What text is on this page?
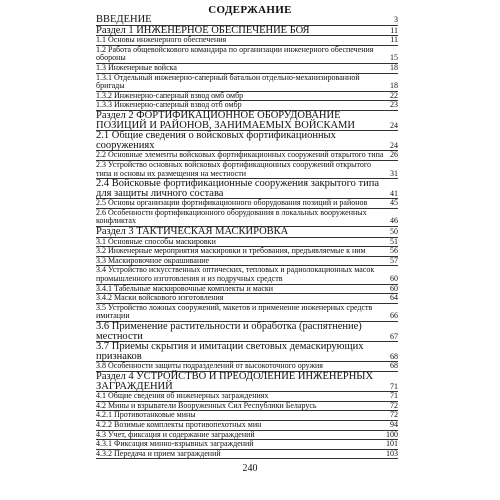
СОДЕРЖАНИЕ
ВВЕДЕНИЕ	3
Раздел 1 ИНЖЕНЕРНОЕ ОБЕСПЕЧЕНИЕ БОЯ	11
1.1 Основы инженерного обеспечения	11
1.2 Работа общевойскового командира по организации инженерного обеспечения обороны	15
1.3 Инженерные войска	18
1.3.1 Отдельный инженерно-саперный батальон отдельно-механизированной бригады	18
1.3.2 Инженерно-саперный взвод омб омбр	22
1.3.3 Инженерно-саперный взвод отб омбр	23
Раздел 2 ФОРТИФИКАЦИОННОЕ ОБОРУДОВАНИЕ ПОЗИЦИЙ И РАЙОНОВ, ЗАНИМАЕМЫХ ВОЙСКАМИ	24
2.1 Общие сведения о войсковых фортификационных сооружениях	24
2.2 Основные элементы войсковых фортификационных сооружений открытого типа 26
2.3 Устройство основных войсковых фортификационных сооружений открытого типа и основы их размещения на местности	31
2.4 Войсковые фортификационные сооружения закрытого типа для защиты личного состава	41
2.5 Основы организации фортификационного оборудования позиций и районов	45
2.6 Особенности фортификационного оборудования в локальных вооруженных конфликтах	46
Раздел 3 ТАКТИЧЕСКАЯ МАСКИРОВКА	50
3.1 Основные способы маскировки	51
3.2 Инженерные мероприятия маскировки и требования, предъявляемые к ним	56
3.3 Маскировочное окрашивание	57
3.4 Устройство искусственных оптических, тепловых и радиолокационных масок промышленного изготовления и из подручных средств	60
3.4.1 Табельные маскировочные комплекты и маски	60
3.4.2 Маски войскового изготовления	64
3.5 Устройство ложных сооружений, макетов и применение инженерных средств имитации	66
3.6 Применение растительности и обработка (распятнение) местности	67
3.7 Приемы скрытия и имитации световых демаскирующих признаков	68
3.8 Особенности защиты подразделений от высокоточного оружия	68
Раздел 4 УСТРОЙСТВО И ПРЕОДОЛЕНИЕ ИНЖЕНЕРНЫХ ЗАГРАЖДЕНИЙ	71
4.1 Общие сведения об инженерных заграждениях	71
4.2 Мины и взрыватели Вооруженных Сил Республики Беларусь	72
4.2.1 Противотанковые мины	72
4.2.2 Возимые комплекты противопехотных мин	94
4.3 Учет, фиксация и содержание заграждений	100
4.3.1 Фиксация минно-взрывных заграждений	101
4.3.2 Передача и прием заграждений	103
240
